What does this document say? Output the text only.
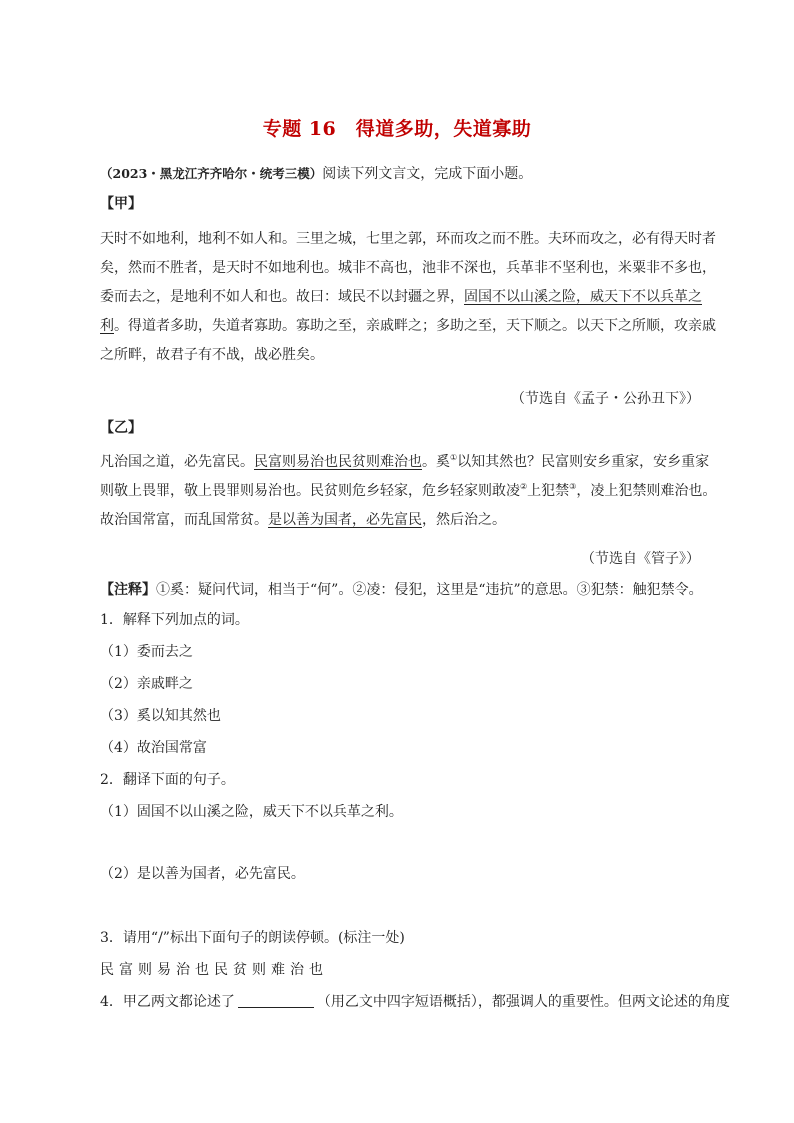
专题 16　得道多助，失道寡助
（2023・黑龙江齐齐哈尔・统考三模）阅读下列文言文，完成下面小题。
【甲】

天时不如地利，地利不如人和。三里之城，七里之郭，环而攻之而不胜。夫环而攻之，必有得天时者矣，然而不胜者，是天时不如地利也。城非不高也，池非不深也，兵革非不坚利也，米粟非不多也，委而去之，是地利不如人和也。故曰：域民不以封疆之界，固国不以山溪之险，威天下不以兵革之利。得道者多助，失道者寡助。寡助之至，亲戚畔之；多助之至，天下顺之。以天下之所顺，攻亲戚之所畔，故君子有不战，战必胜矣。

（节选自《孟子・公孙丑下》）
【乙】

凡治国之道，必先富民。民富则易治也民贫则难治也。奚①以知其然也？民富则安乡重家，安乡重家则敬上畏罪，敬上畏罪则易治也。民贫则危乡轻家，危乡轻家则敢凌②上犯禁③，凌上犯禁则难治也。故治国常富，而乱国常贫。是以善为国者，必先富民，然后治之。

（节选自《管子》）
【注释】①奚：疑问代词，相当于“何”。②凌：侵犯，这里是“违抗”的意思。③犯禁：触犯禁令。
1．解释下列加点的词。
（1）委而去之
（2）亲戚畔之
（3）奚以知其然也
（4）故治国常富
2．翻译下面的句子。
（1）固国不以山溪之险，威天下不以兵革之利。
（2）是以善为国者，必先富民。
3．请用“/”标出下面句子的朗读停顿。(标注一处)
民富则易治也民贫则难治也
4．甲乙两文都论述了	（用乙文中四字短语概括），都强调人的重要性。但两文论述的角度
